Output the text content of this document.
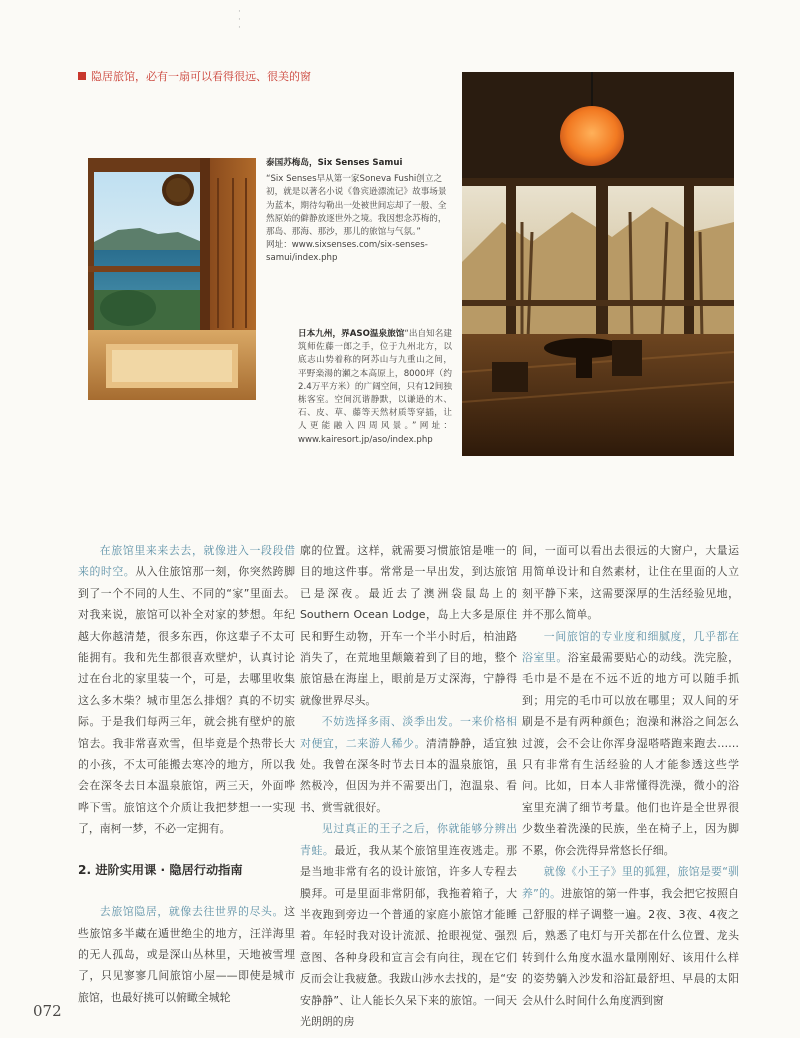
·
·
·
隐居旅馆，必有一扇可以看得很远、很美的窗

泰国苏梅岛，Six Senses Samui

“Six Senses早从第一家Soneva Fushi创立之初，就是以著名小说《鲁宾逊漂流记》故事场景为蓝本，期待勾勒出一处被世间忘却了一般、全然原始的僻静放逐世外之境。我因想念苏梅的，那岛、那海、那沙，那儿的旅馆与气氛。”

网址：www.sixsenses.com/six-senses-samui/index.php

日本九州，界ASO温泉旅馆“出自知名建筑师佐藤一郎之手，位于九州北方，以底志山势着称的阿苏山与九重山之间，平野楽湯的瀬之本高原上，8000坪（约2.4万平方米）的广阔空间，只有12间独栋客室。空间沉谐静默，以谦逊的木、石、皮、草、藤等天然材质等穿插，让人更能融入四周风景。”网址：www.kairesort.jp/aso/index.php

在旅馆里来来去去，就像进入一段段借来的时空。从入住旅馆那一刻，你突然跨脚到了一个不同的人生、不同的“家”里面去。对我来说，旅馆可以补全对家的梦想。年纪越大你越清楚，很多东西，你这辈子不太可能拥有。我和先生都很喜欢壁炉，认真讨论过在台北的家里装一个，可是，去哪里收集这么多木柴？城市里怎么排烟？真的不切实际。于是我们每两三年，就会挑有壁炉的旅馆去。我非常喜欢雪，但毕竟是个热带长大的小孩，不太可能搬去寒冷的地方，所以我会在深冬去日本温泉旅馆，两三天，外面哗哗下雪。旅馆这个介质让我把梦想一一实现了，南柯一梦，不必一定拥有。

2. 进阶实用课 · 隐居行动指南

去旅馆隐居，就像去往世界的尽头。这些旅馆多半藏在遁世绝尘的地方，汪洋海里的无人孤岛，或是深山丛林里，天地被雪埋了，只见寥寥几间旅馆小屋——即使是城市旅馆，也最好挑可以俯瞰全城轮

廓的位置。这样，就需要习惯旅馆是唯一的目的地这件事。常常是一早出发，到达旅馆已是深夜。最近去了澳洲袋鼠岛上的Southern Ocean Lodge，岛上大多是原住民和野生动物，开车一个半小时后，柏油路消失了，在荒地里颠簸着到了目的地，整个旅馆悬在海崖上，眼前是万丈深海，宁静得就像世界尽头。

不妨选择多雨、淡季出发。一来价格相对便宜，二来游人稀少。清清静静，适宜独处。我曾在深冬时节去日本的温泉旅馆，虽然极冷，但因为并不需要出门，泡温泉、看书、赏雪就很好。

见过真正的王子之后，你就能够分辨出青蛙。最近，我从某个旅馆里连夜逃走。那是当地非常有名的设计旅馆，许多人专程去膜拜。可是里面非常阴郁，我拖着箱子，大半夜跑到旁边一个普通的家庭小旅馆才能睡着。年轻时我对设计流派、抢眼视觉、强烈意图、各种身段和宣言会有向往，现在它们反而会让我疲惫。我跋山涉水去找的，是“安安静静”、让人能长久呆下来的旅馆。一间天光朗朗的房

间，一面可以看出去很远的大窗户，大量运用简单设计和自然素材，让住在里面的人立刻平静下来，这需要深厚的生活经验见地，并不那么简单。

一间旅馆的专业度和细腻度，几乎都在浴室里。浴室最需要贴心的动线。洗完脸，毛巾是不是在不远不近的地方可以随手抓到；用完的毛巾可以放在哪里；双人间的牙刷是不是有两种颜色；泡澡和淋浴之间怎么过渡，会不会让你浑身湿嗒嗒跑来跑去……只有非常有生活经验的人才能参透这些学问。比如，日本人非常懂得洗澡，微小的浴室里充满了细节考量。他们也许是全世界很少数坐着洗澡的民族，坐在椅子上，因为脚不累，你会洗得异常悠长仔细。

就像《小王子》里的狐狸，旅馆是要“驯养”的。进旅馆的第一件事，我会把它按照自己舒服的样子调整一遍。2夜、3夜、4夜之后，熟悉了电灯与开关都在什么位置、龙头转到什么角度水温水量刚刚好、该用什么样的姿势躺入沙发和浴缸最舒坦、早晨的太阳会从什么时间什么角度洒到窗

072
